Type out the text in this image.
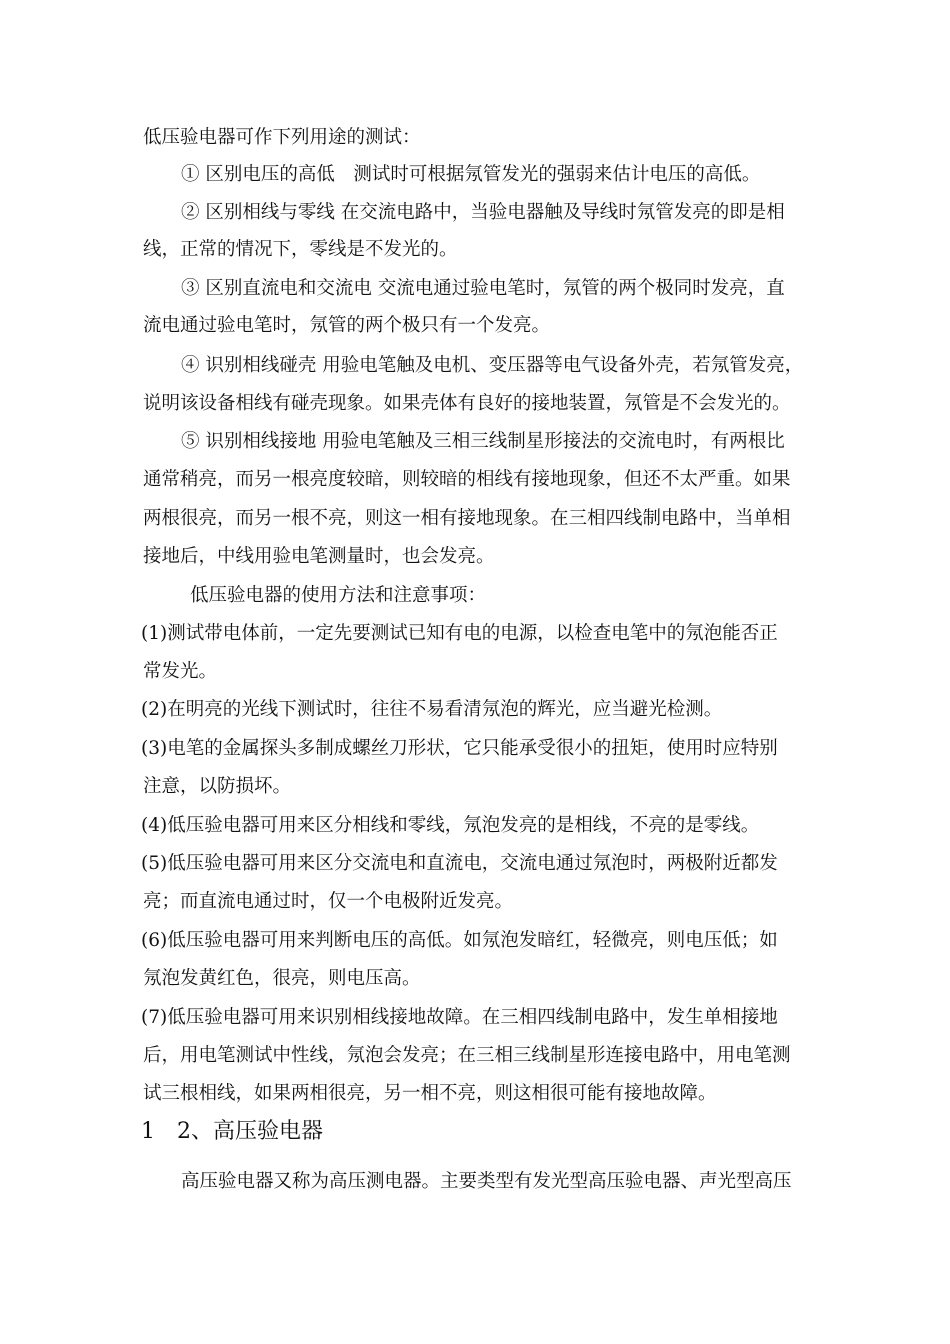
低压验电器可作下列用途的测试：
① 区别电压的高低　测试时可根据氖管发光的强弱来估计电压的高低。
② 区别相线与零线 在交流电路中，当验电器触及导线时氖管发亮的即是相
线，正常的情况下，零线是不发光的。
③ 区别直流电和交流电 交流电通过验电笔时，氖管的两个极同时发亮，直
流电通过验电笔时，氖管的两个极只有一个发亮。
④ 识别相线碰壳 用验电笔触及电机、变压器等电气设备外壳，若氖管发亮，
说明该设备相线有碰壳现象。如果壳体有良好的接地装置，氖管是不会发光的。
⑤ 识别相线接地 用验电笔触及三相三线制星形接法的交流电时，有两根比
通常稍亮，而另一根亮度较暗，则较暗的相线有接地现象，但还不太严重。如果
两根很亮，而另一根不亮，则这一相有接地现象。在三相四线制电路中，当单相
接地后，中线用验电笔测量时，也会发亮。
低压验电器的使用方法和注意事项：
(1)测试带电体前，一定先要测试已知有电的电源，以检查电笔中的氖泡能否正
常发光。
(2)在明亮的光线下测试时，往往不易看清氖泡的辉光，应当避光检测。
(3)电笔的金属探头多制成螺丝刀形状，它只能承受很小的扭矩，使用时应特别
注意，以防损坏。
(4)低压验电器可用来区分相线和零线，氖泡发亮的是相线，不亮的是零线。
(5)低压验电器可用来区分交流电和直流电，交流电通过氖泡时，两极附近都发
亮；而直流电通过时，仅一个电极附近发亮。
(6)低压验电器可用来判断电压的高低。如氖泡发暗红，轻微亮，则电压低；如
氖泡发黄红色，很亮，则电压高。
(7)低压验电器可用来识别相线接地故障。在三相四线制电路中，发生单相接地
后，用电笔测试中性线，氖泡会发亮；在三相三线制星形连接电路中，用电笔测
试三根相线，如果两相很亮，另一相不亮，则这相很可能有接地故障。
1　2、高压验电器
高压验电器又称为高压测电器。主要类型有发光型高压验电器、声光型高压
